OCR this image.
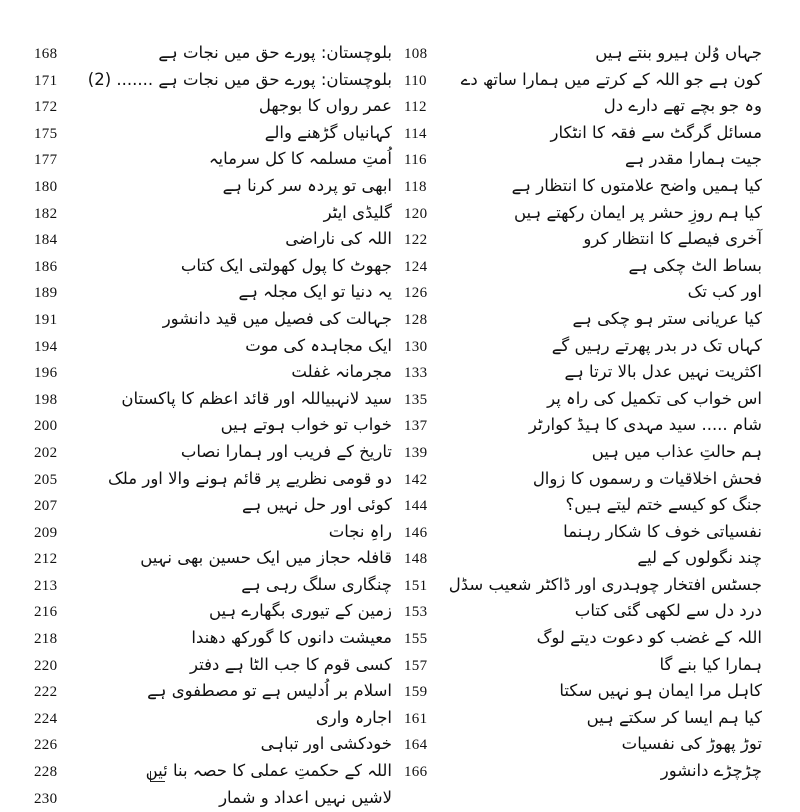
108	جہاں وُلن ہیرو بنتے ہیں
110	کون ہے جو اللہ کے کرتے میں ہمارا ساتھ دے
112	وہ جو بچے تھے دارے دل
114	مسائل گرگٹ سے فقہ کا انٹکار
116	جیت ہمارا مقدر ہے
118	کیا ہمیں واضح علامتوں کا انتظار ہے
120	کیا ہم روزِ حشر پر ایمان رکھتے ہیں
122	آخری فیصلے کا انتظار کرو
124	بساط الٹ چکی ہے
126	اور کب تک
128	کیا عریانی ستر ہو چکی ہے
130	کہاں تک در بدر پھرتے رہیں گے
133	اکثریت نہیں عدل بالا ترتا ہے
135	اس خواب کی تکمیل کی راہ پر
137	شام ..... سید مہدی کا ہیڈ کوارٹر
139	ہم حالتِ عذاب میں ہیں
142	فحش اخلاقیات و رسموں کا زوال
144	جنگ کو کیسے ختم لیتے ہیں؟
146	نفسیاتی خوف کا شکار رہنما
148	چند نگولوں کے لیے
151	جسٹس افتخار چوہدری اور ڈاکٹر شعیب سڈل
153	درد دل سے لکھی گئی کتاب
155	اللہ کے غضب کو دعوت دیتے لوگ
157	ہمارا کیا بنے گا
159	کاہل مرا ایمان ہو نہیں سکتا
161	کیا ہم ایسا کر سکتے ہیں
164	توڑ پھوڑ کی نفسیات
166	چڑچڑے دانشور
168	بلوچستان: پورے حق میں نجات ہے
171	بلوچستان: پورے حق میں نجات ہے ....... (2)
172	عمر رواں کا بوجھل
175	کہانیاں گڑھنے والے
177	اُمتِ مسلمہ کا کل سرمایہ
180	ابھی تو پردہ سر کرنا ہے
182	گلیڈی ایٹر
184	اللہ کی ناراضی
186	جھوٹ کا پول کھولتی ایک کتاب
189	یہ دنیا تو ایک مجلہ ہے
191	جہالت کی فصیل میں قید دانشور
194	ایک مجاہدہ کی موت
196	مجرمانہ غفلت
198	سید لانہبیاللہ اور قائد اعظم کا پاکستان
200	خواب تو خواب ہوتے ہیں
202	تاریخ کے فریب اور ہمارا نصاب
205	دو قومی نظریے پر قائم ہونے والا اور ملک
207	کوئی اور حل نہیں ہے
209	راہِ نجات
212	قافلہ حجاز میں ایک حسین بھی نہیں
213	چنگاری سلگ رہی ہے
216	زمین کے تیوری بگھارے ہیں
218	معیشت دانوں کا گورکھ دھندا
220	کسی قوم کا جب الٹا ہے دفتر
222	اسلام بر اُدلیس ہے تو مصطفوی ہے
224	اجارہ واری
226	خودکشی اور تباہی
228	اللہ کے حکمتِ عملی کا حصہ بنا ئیں
230	لاشیں نہیں اعداد و شمار
